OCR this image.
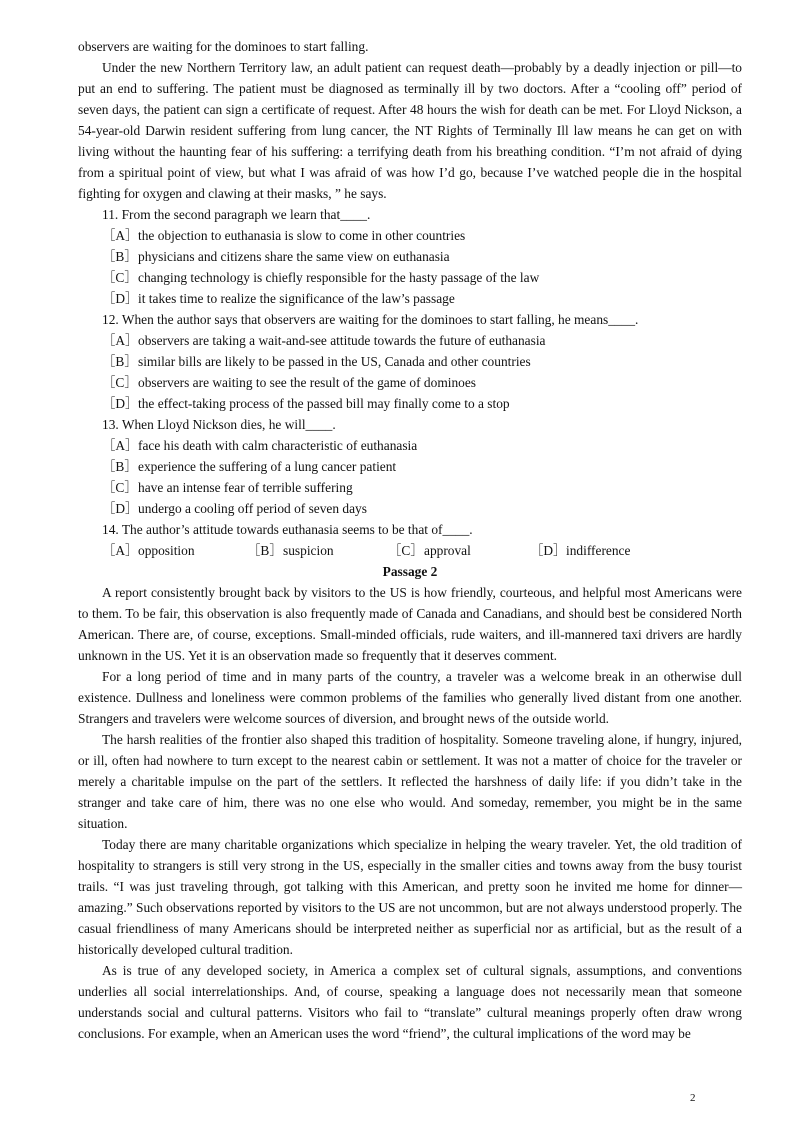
observers are waiting for the dominoes to start falling.

Under the new Northern Territory law, an adult patient can request death—probably by a deadly injection or pill—to put an end to suffering. The patient must be diagnosed as terminally ill by two doctors. After a “cooling off” period of seven days, the patient can sign a certificate of request. After 48 hours the wish for death can be met. For Lloyd Nickson, a 54-year-old Darwin resident suffering from lung cancer, the NT Rights of Terminally Ill law means he can get on with living without the haunting fear of his suffering: a terrifying death from his breathing condition. “I’m not afraid of dying from a spiritual point of view, but what I was afraid of was how I’d go, because I’ve watched people die in the hospital fighting for oxygen and clawing at their masks, ” he says.

11. From the second paragraph we learn that____.

［A］the objection to euthanasia is slow to come in other countries

［B］physicians and citizens share the same view on euthanasia

［C］changing technology is chiefly responsible for the hasty passage of the law

［D］it takes time to realize the significance of the law’s passage

12. When the author says that observers are waiting for the dominoes to start falling, he means____.

［A］observers are taking a wait-and-see attitude towards the future of euthanasia

［B］similar bills are likely to be passed in the US, Canada and other countries

［C］observers are waiting to see the result of the game of dominoes

［D］the effect-taking process of the passed bill may finally come to a stop

13. When Lloyd Nickson dies, he will____.

［A］face his death with calm characteristic of euthanasia

［B］experience the suffering of a lung cancer patient

［C］have an intense fear of terrible suffering

［D］undergo a cooling off period of seven days

14. The author’s attitude towards euthanasia seems to be that of____.

［A］opposition	［B］suspicion	［C］approval	［D］indifference

Passage 2

A report consistently brought back by visitors to the US is how friendly, courteous, and helpful most Americans were to them. To be fair, this observation is also frequently made of Canada and Canadians, and should best be considered North American. There are, of course, exceptions. Small-minded officials, rude waiters, and ill-mannered taxi drivers are hardly unknown in the US. Yet it is an observation made so frequently that it deserves comment.

For a long period of time and in many parts of the country, a traveler was a welcome break in an otherwise dull existence. Dullness and loneliness were common problems of the families who generally lived distant from one another. Strangers and travelers were welcome sources of diversion, and brought news of the outside world.

The harsh realities of the frontier also shaped this tradition of hospitality. Someone traveling alone, if hungry, injured, or ill, often had nowhere to turn except to the nearest cabin or settlement. It was not a matter of choice for the traveler or merely a charitable impulse on the part of the settlers. It reflected the harshness of daily life: if you didn’t take in the stranger and take care of him, there was no one else who would. And someday, remember, you might be in the same situation.

Today there are many charitable organizations which specialize in helping the weary traveler. Yet, the old tradition of hospitality to strangers is still very strong in the US, especially in the smaller cities and towns away from the busy tourist trails. “I was just traveling through, got talking with this American, and pretty soon he invited me home for dinner—amazing.” Such observations reported by visitors to the US are not uncommon, but are not always understood properly. The casual friendliness of many Americans should be interpreted neither as superficial nor as artificial, but as the result of a historically developed cultural tradition.

As is true of any developed society, in America a complex set of cultural signals, assumptions, and conventions underlies all social interrelationships. And, of course, speaking a language does not necessarily mean that someone understands social and cultural patterns. Visitors who fail to “translate” cultural meanings properly often draw wrong conclusions. For example, when an American uses the word “friend”, the cultural implications of the word may be

2
